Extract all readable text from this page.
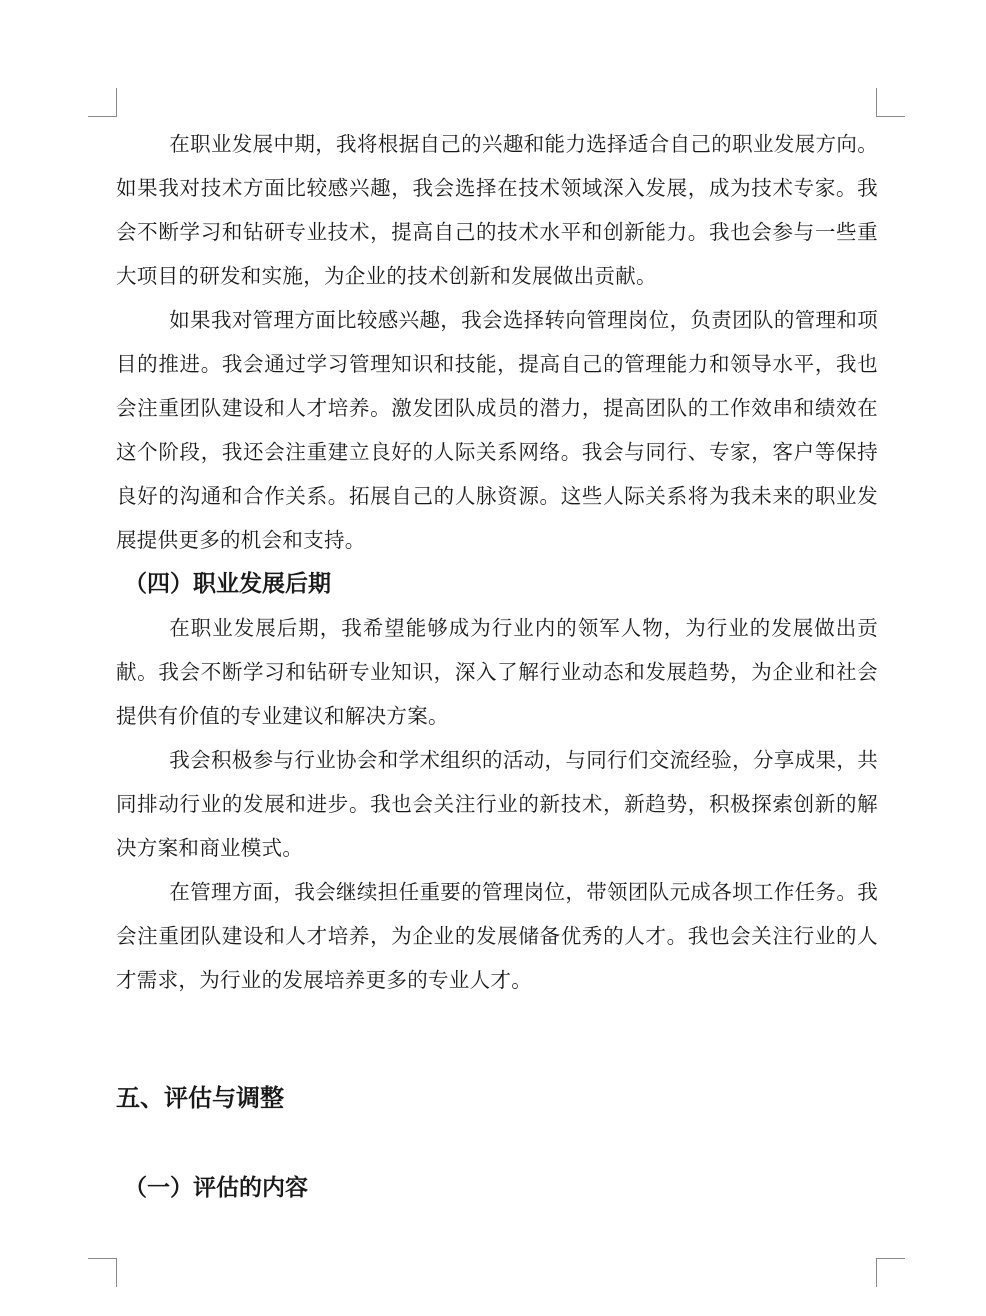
在职业发展中期，我将根据自己的兴趣和能力选择适合自己的职业发展方向。如果我对技术方面比较感兴趣，我会选择在技术领域深入发展，成为技术专家。我会不断学习和钻研专业技术，提高自己的技术水平和创新能力。我也会参与一些重大项目的研发和实施，为企业的技术创新和发展做出贡献。

如果我对管理方面比较感兴趣，我会选择转向管理岗位，负责团队的管理和项目的推进。我会通过学习管理知识和技能，提高自己的管理能力和领导水平，我也会注重团队建设和人才培养。激发团队成员的潜力，提高团队的工作效串和绩效在这个阶段，我还会注重建立良好的人际关系网络。我会与同行、专家，客户等保持良好的沟通和合作关系。拓展自己的人脉资源。这些人际关系将为我未来的职业发展提供更多的机会和支持。

（四）职业发展后期

在职业发展后期，我希望能够成为行业内的领军人物，为行业的发展做出贡献。我会不断学习和钻研专业知识，深入了解行业动态和发展趋势，为企业和社会提供有价值的专业建议和解决方案。

我会积极参与行业协会和学术组织的活动，与同行们交流经验，分享成果，共同排动行业的发展和进步。我也会关注行业的新技术，新趋势，积极探索创新的解决方案和商业模式。

在管理方面，我会继续担任重要的管理岗位，带领团队元成各坝工作任务。我会注重团队建设和人才培养，为企业的发展储备优秀的人才。我也会关注行业的人才需求，为行业的发展培养更多的专业人才。

五、评估与调整
（一）评估的内容
